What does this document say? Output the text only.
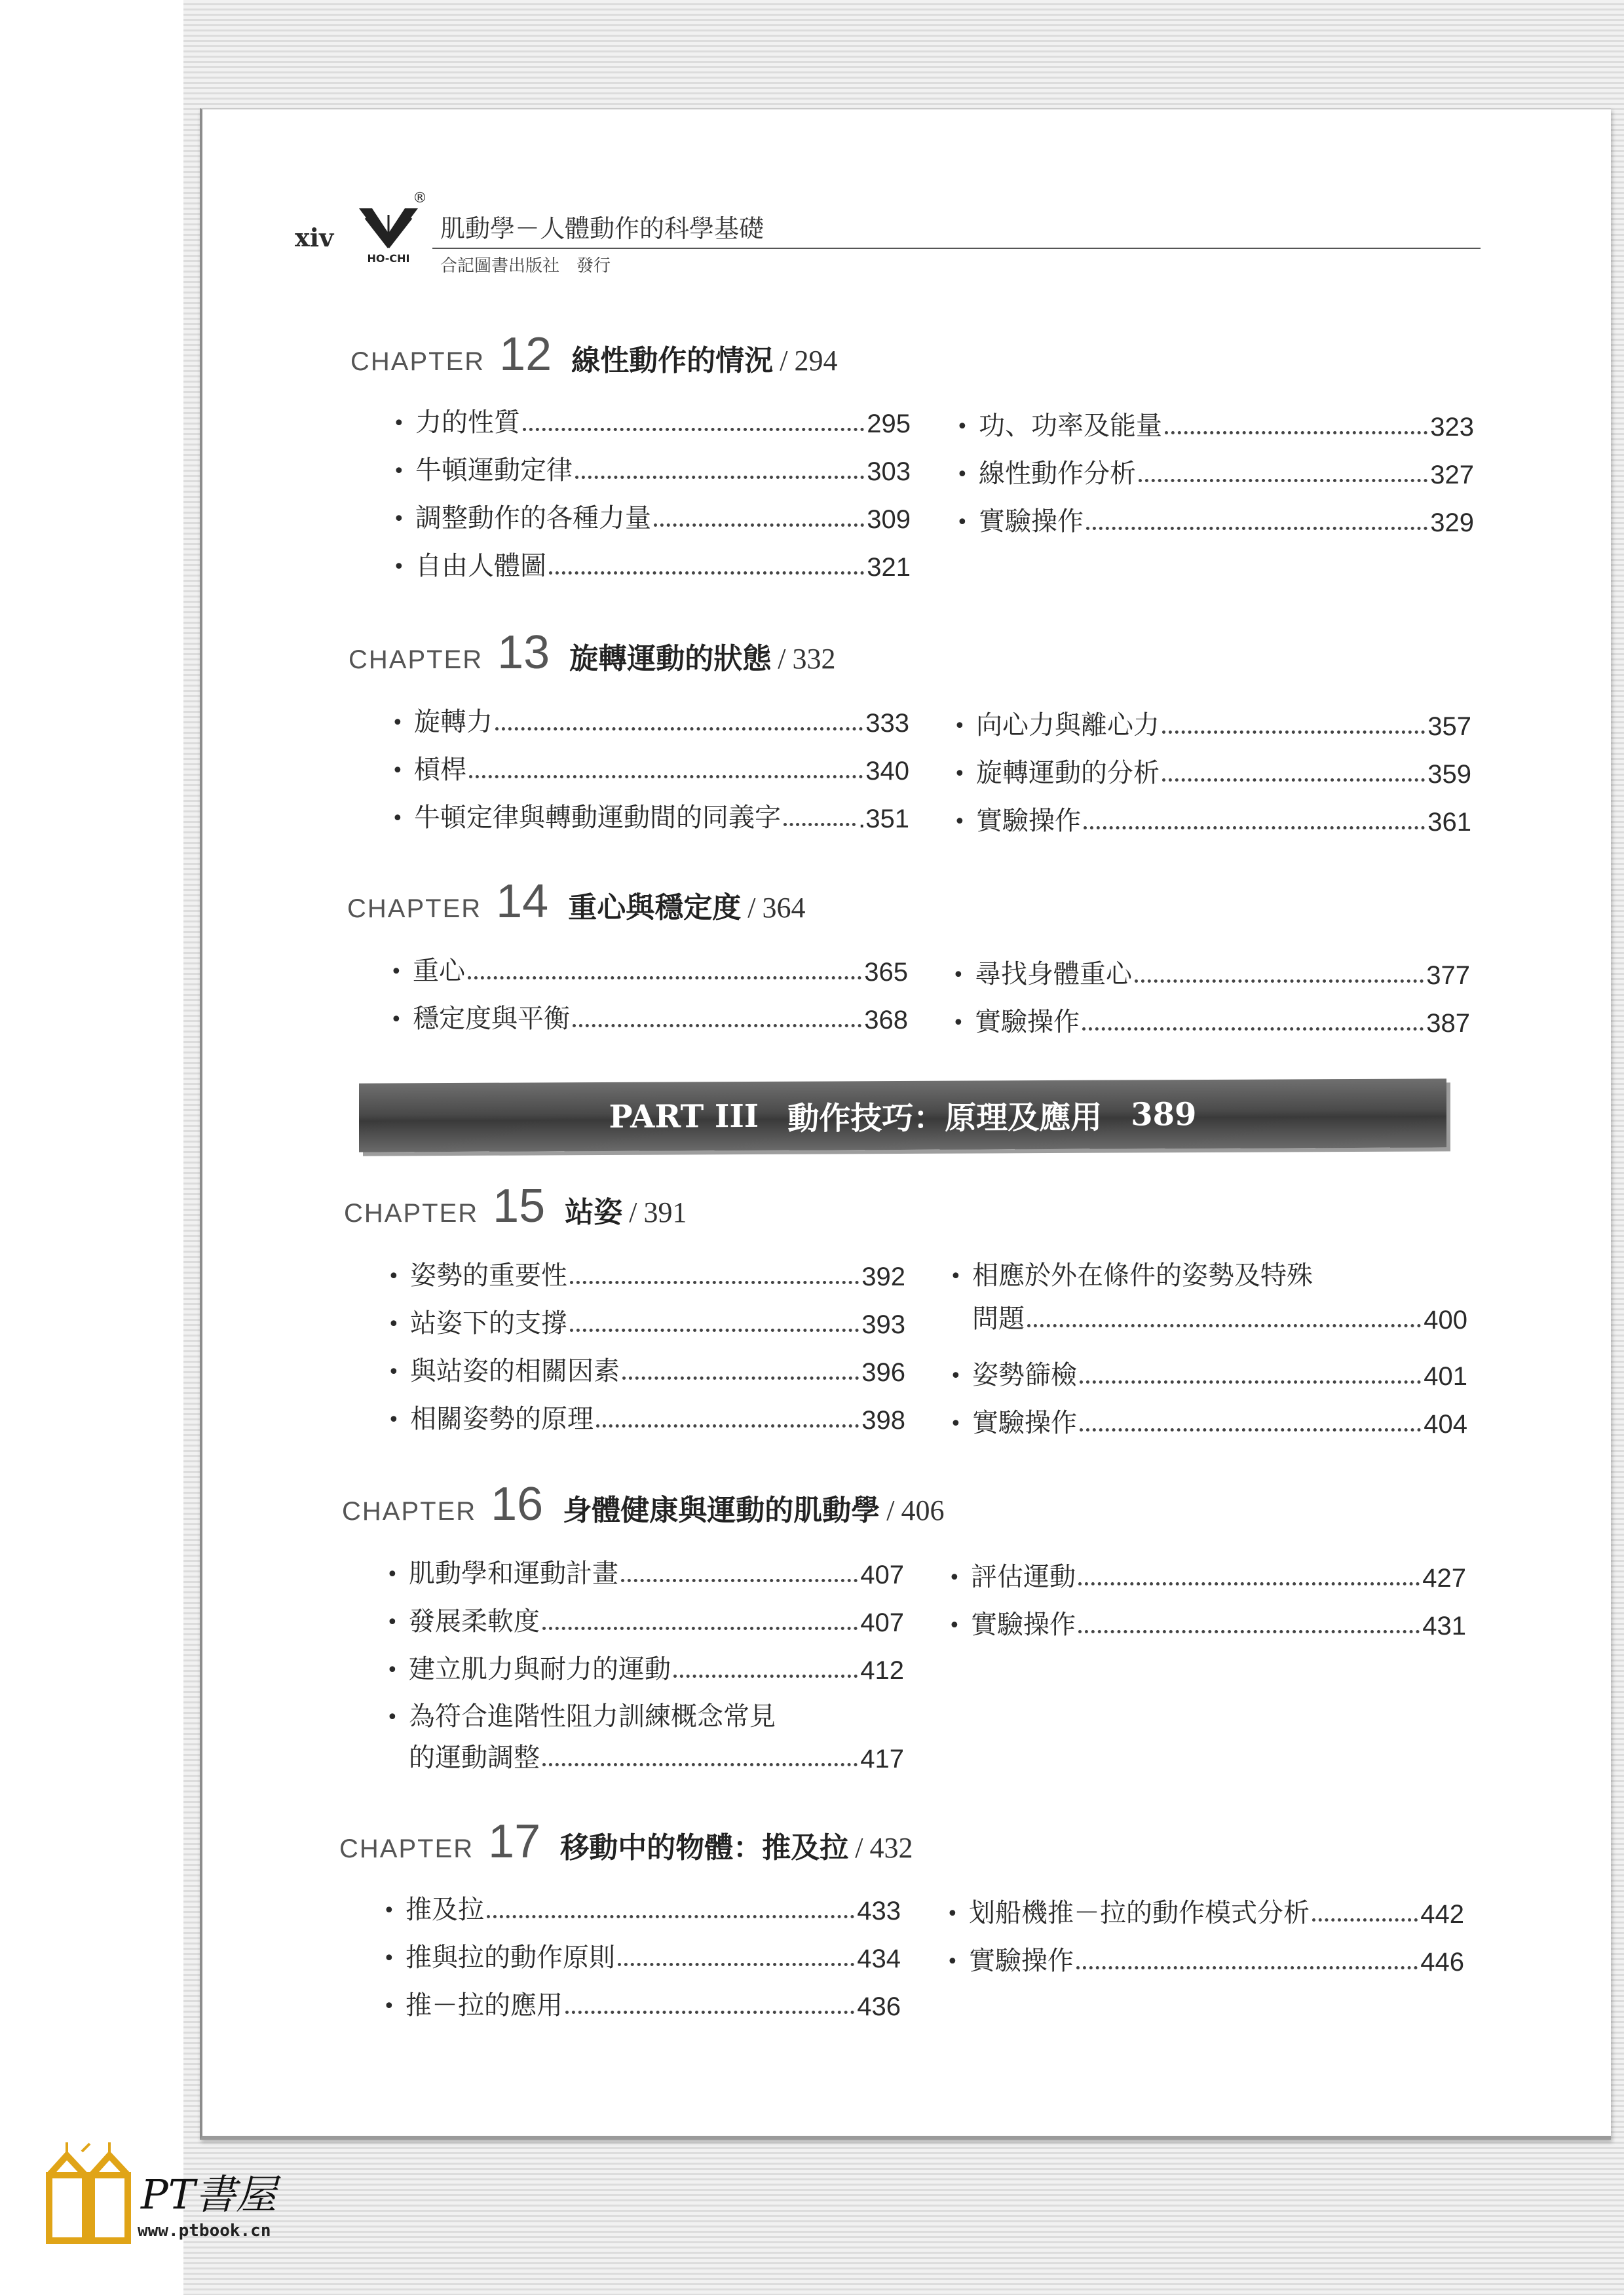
xiv
HO-CHI
®
肌動學－人體動作的科學基礎
合記圖書出版社　發行
CHAPTER 12 線性動作的情況 / 294
• 力的性質	295
• 牛頓運動定律	303
• 調整動作的各種力量	309
• 自由人體圖	321
• 功、功率及能量	323
• 線性動作分析	327
• 實驗操作	329
CHAPTER 13 旋轉運動的狀態 / 332
• 旋轉力	333
• 槓桿	340
• 牛頓定律與轉動運動間的同義字	.351
• 向心力與離心力	357
• 旋轉運動的分析	359
• 實驗操作	361
CHAPTER 14 重心與穩定度 / 364
• 重心	365
• 穩定度與平衡	368
• 尋找身體重心	377
• 實驗操作	387
PART III 動作技巧：原理及應用 389
CHAPTER 15 站姿 / 391
• 姿勢的重要性	392
• 站姿下的支撐	393
• 與站姿的相關因素	396
• 相關姿勢的原理	398
• 相應於外在條件的姿勢及特殊
問題	400
• 姿勢篩檢	401
• 實驗操作	404
CHAPTER 16 身體健康與運動的肌動學 / 406
• 肌動學和運動計畫	407
• 發展柔軟度	407
• 建立肌力與耐力的運動	412
• 為符合進階性阻力訓練概念常見
的運動調整	417
• 評估運動	427
• 實驗操作	431
CHAPTER 17 移動中的物體：推及拉 / 432
• 推及拉	433
• 推與拉的動作原則	434
• 推－拉的應用	436
• 划船機推－拉的動作模式分析	442
• 實驗操作	446
PT書屋
www.ptbook.cn
